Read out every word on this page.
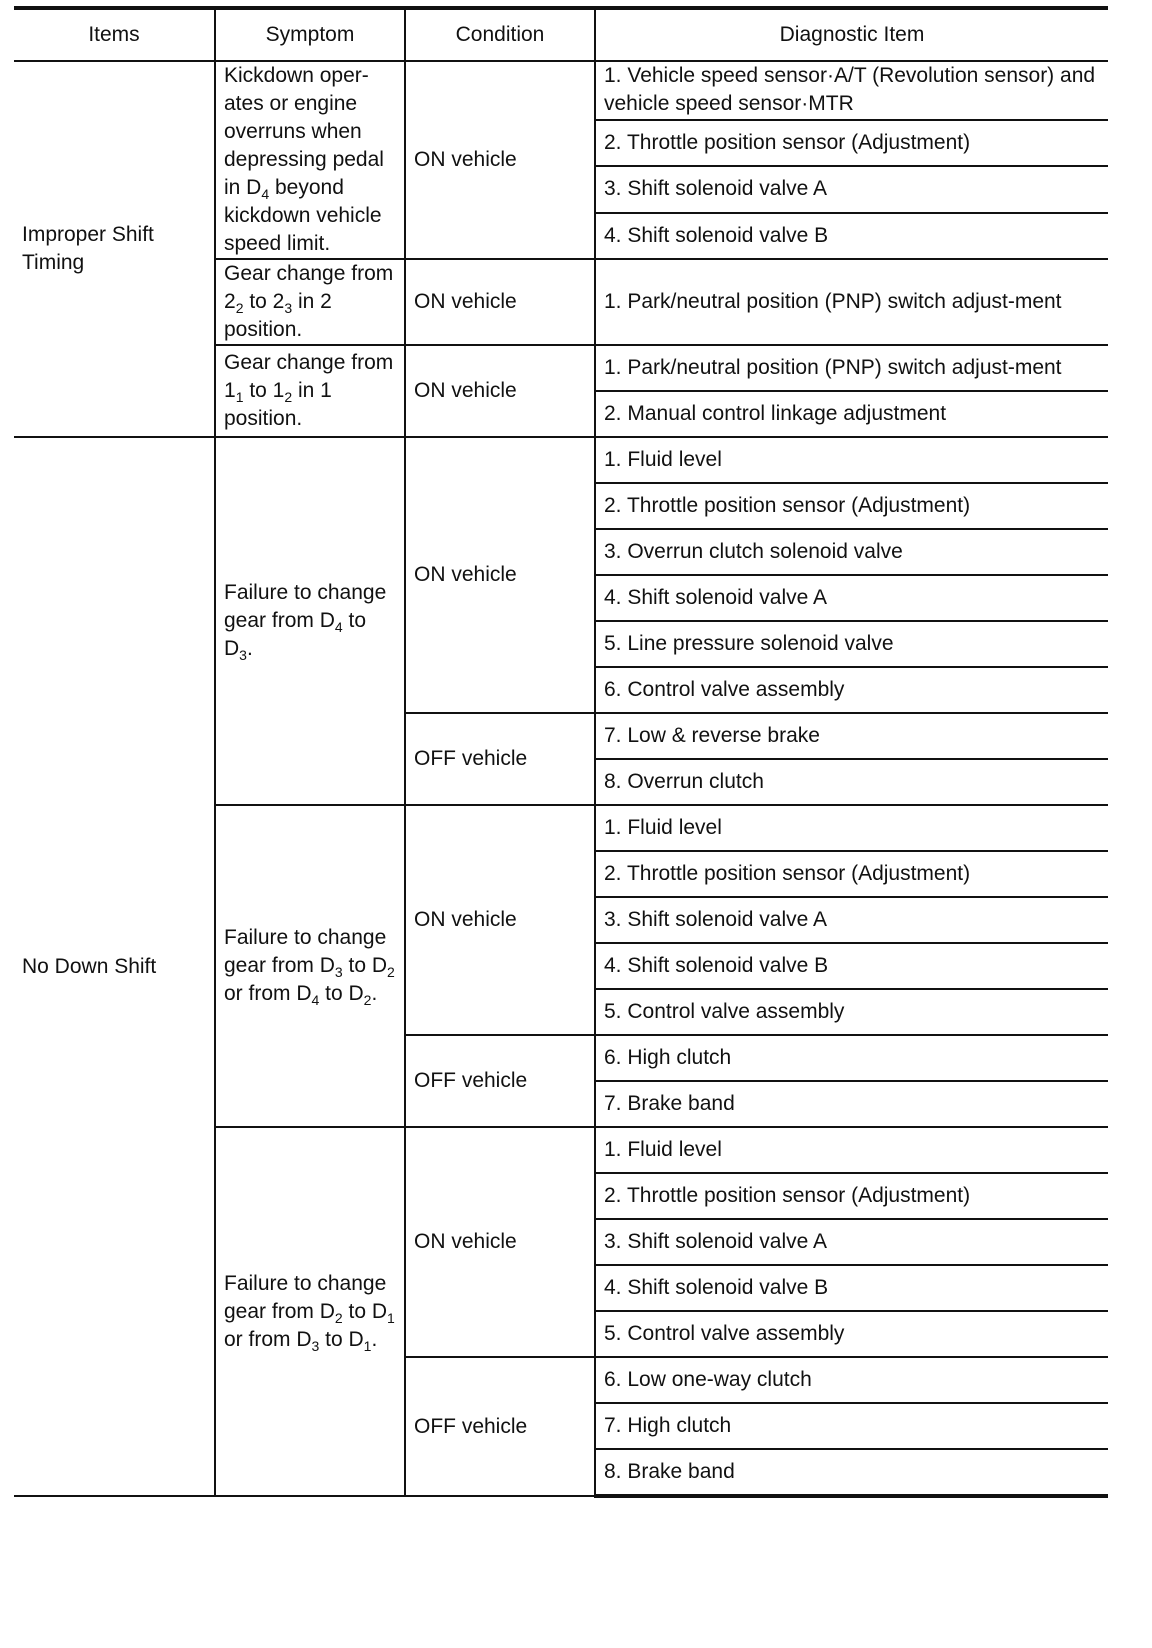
Items	Symptom	Condition	Diagnostic Item
Improper Shift Timing	Kickdown oper-ates or engine overruns when depressing pedal in $D_4$ beyond kickdown vehicle speed limit.	ON vehicle	1. Vehicle speed sensor·A/T (Revolution sensor) and vehicle speed sensor·MTR
			2. Throttle position sensor (Adjustment)
			3. Shift solenoid valve A
			4. Shift solenoid valve B
	Gear change from $2_2$ to $2_3$ in 2 position.	ON vehicle	1. Park/neutral position (PNP) switch adjust-ment
	Gear change from $1_1$ to $1_2$ in 1 position.	ON vehicle	1. Park/neutral position (PNP) switch adjust-ment
			2. Manual control linkage adjustment
No Down Shift	Failure to change gear from $D_4$ to $D_3$.	ON vehicle	1. Fluid level
			2. Throttle position sensor (Adjustment)
			3. Overrun clutch solenoid valve
			4. Shift solenoid valve A
			5. Line pressure solenoid valve
			6. Control valve assembly
		OFF vehicle	7. Low & reverse brake
			8. Overrun clutch
	Failure to change gear from $D_3$ to $D_2$ or from $D_4$ to $D_2$.	ON vehicle	1. Fluid level
			2. Throttle position sensor (Adjustment)
			3. Shift solenoid valve A
			4. Shift solenoid valve B
			5. Control valve assembly
		OFF vehicle	6. High clutch
			7. Brake band
	Failure to change gear from $D_2$ to $D_1$ or from $D_3$ to $D_1$.	ON vehicle	1. Fluid level
			2. Throttle position sensor (Adjustment)
			3. Shift solenoid valve A
			4. Shift solenoid valve B
			5. Control valve assembly
		OFF vehicle	6. Low one-way clutch
			7. High clutch
			8. Brake band
